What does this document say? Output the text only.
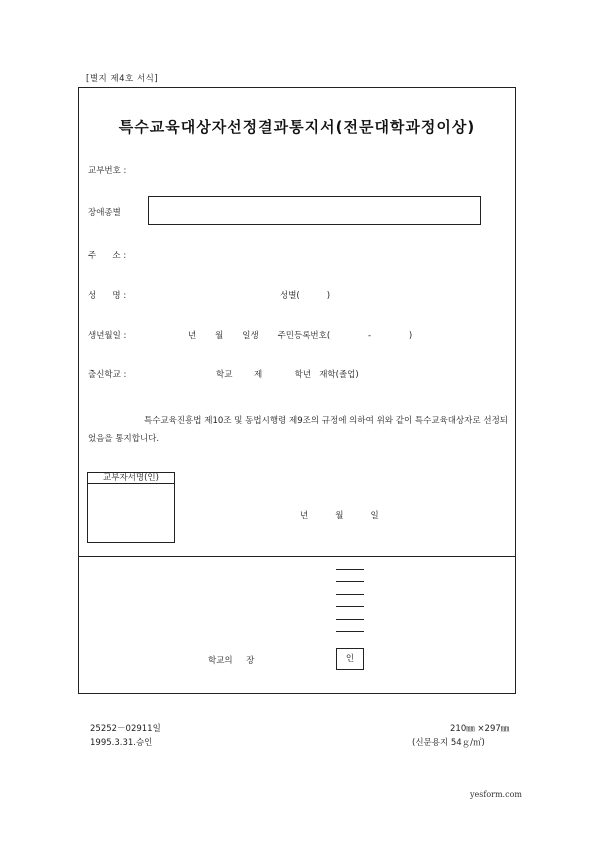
[별지 제4호 서식]
특수교육대상자선정결과통지서(전문대학과정이상)
교부번호 :
장애종별
주      소 :
성      명 :	성별(          )
생년월일 :	년       월       일생       주민등록번호(              -              )
출신학교 :	학교        제            학년   재학(졸업)
특수교육진흥법 제10조 및 동법시행령 제9조의 규정에 의하여 위와 같이 특수교육대상자로 선정되었음을 통지합니다.
교부자서명(인)
년          월          일
학교의     장	인
25252－02911일
1995.3.31.승인
210㎜ ×297㎜
(신문용지 54ｇ/㎡)
yesform.com
